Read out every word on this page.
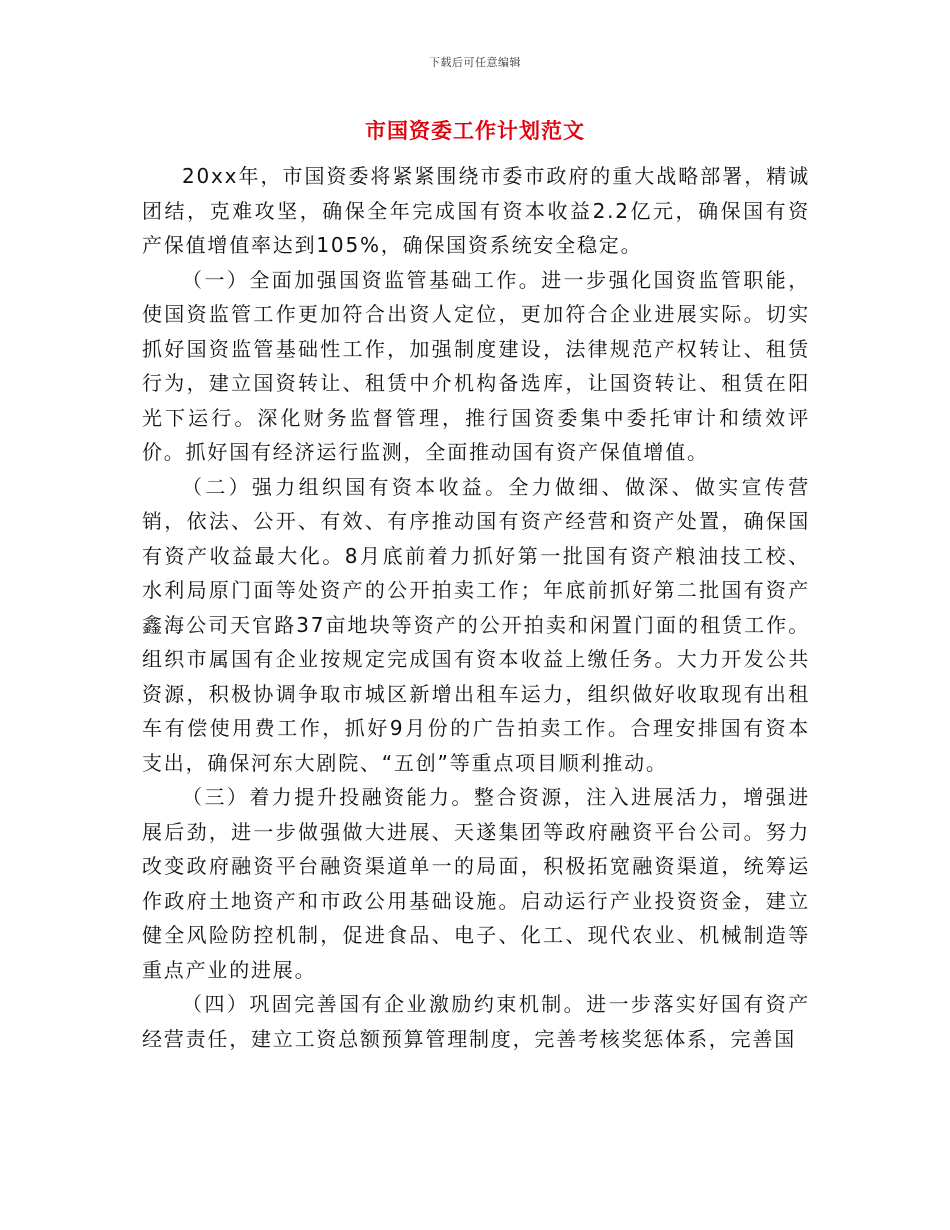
下载后可任意编辑
市国资委工作计划范文

20xx年，市国资委将紧紧围绕市委市政府的重大战略部署，精诚团结，克难攻坚，确保全年完成国有资本收益2.2亿元，确保国有资产保值增值率达到105%，确保国资系统安全稳定。

（一）全面加强国资监管基础工作。进一步强化国资监管职能，使国资监管工作更加符合出资人定位，更加符合企业进展实际。切实抓好国资监管基础性工作，加强制度建设，法律规范产权转让、租赁行为，建立国资转让、租赁中介机构备选库，让国资转让、租赁在阳光下运行。深化财务监督管理，推行国资委集中委托审计和绩效评价。抓好国有经济运行监测，全面推动国有资产保值增值。

（二）强力组织国有资本收益。全力做细、做深、做实宣传营销，依法、公开、有效、有序推动国有资产经营和资产处置，确保国有资产收益最大化。8月底前着力抓好第一批国有资产粮油技工校、水利局原门面等处资产的公开拍卖工作；年底前抓好第二批国有资产鑫海公司天官路37亩地块等资产的公开拍卖和闲置门面的租赁工作。组织市属国有企业按规定完成国有资本收益上缴任务。大力开发公共资源，积极协调争取市城区新增出租车运力，组织做好收取现有出租车有偿使用费工作，抓好9月份的广告拍卖工作。合理安排国有资本支出，确保河东大剧院、“五创”等重点项目顺利推动。

（三）着力提升投融资能力。整合资源，注入进展活力，增强进展后劲，进一步做强做大进展、天遂集团等政府融资平台公司。努力改变政府融资平台融资渠道单一的局面，积极拓宽融资渠道，统筹运作政府土地资产和市政公用基础设施。启动运行产业投资资金，建立健全风险防控机制，促进食品、电子、化工、现代农业、机械制造等重点产业的进展。

（四）巩固完善国有企业激励约束机制。进一步落实好国有资产经营责任，建立工资总额预算管理制度，完善考核奖惩体系，完善国
